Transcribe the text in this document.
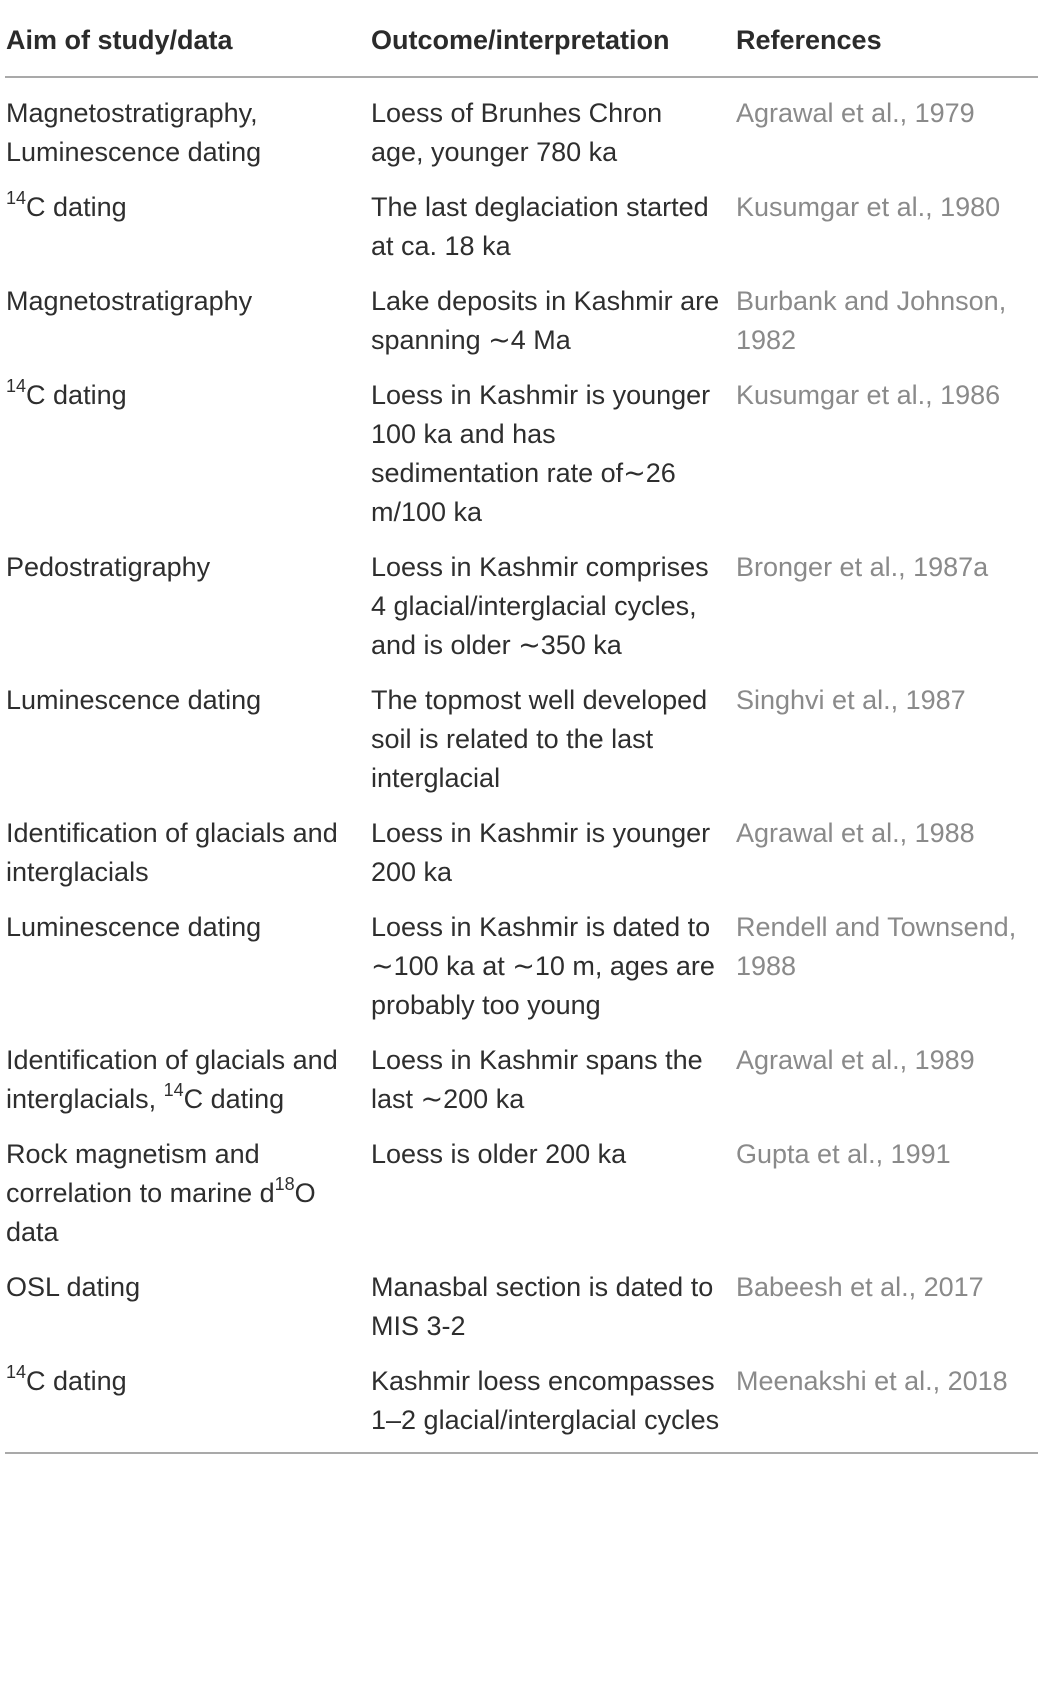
Aim of study/data	Outcome/interpretation	References
Magnetostratigraphy, Luminescence dating	Loess of Brunhes Chron age, younger 780 ka	Agrawal et al., 1979
$^{14}$C dating	The last deglaciation started at ca. 18 ka	Kusumgar et al., 1980
Magnetostratigraphy	Lake deposits in Kashmir are spanning ∼4 Ma	Burbank and Johnson, 1982
$^{14}$C dating	Loess in Kashmir is younger 100 ka and has sedimentation rate of∼26 m/100 ka	Kusumgar et al., 1986
Pedostratigraphy	Loess in Kashmir comprises 4 glacial/interglacial cycles, and is older ∼350 ka	Bronger et al., 1987a
Luminescence dating	The topmost well developed soil is related to the last interglacial	Singhvi et al., 1987
Identification of glacials and interglacials	Loess in Kashmir is younger 200 ka	Agrawal et al., 1988
Luminescence dating	Loess in Kashmir is dated to ∼100 ka at ∼10 m, ages are probably too young	Rendell and Townsend, 1988
Identification of glacials and interglacials, $^{14}$C dating	Loess in Kashmir spans the last ∼200 ka	Agrawal et al., 1989
Rock magnetism and correlation to marine $d^{18}O$ data	Loess is older 200 ka	Gupta et al., 1991
OSL dating	Manasbal section is dated to MIS 3-2	Babeesh et al., 2017
$^{14}$C dating	Kashmir loess encompasses 1–2 glacial/interglacial cycles	Meenakshi et al., 2018
